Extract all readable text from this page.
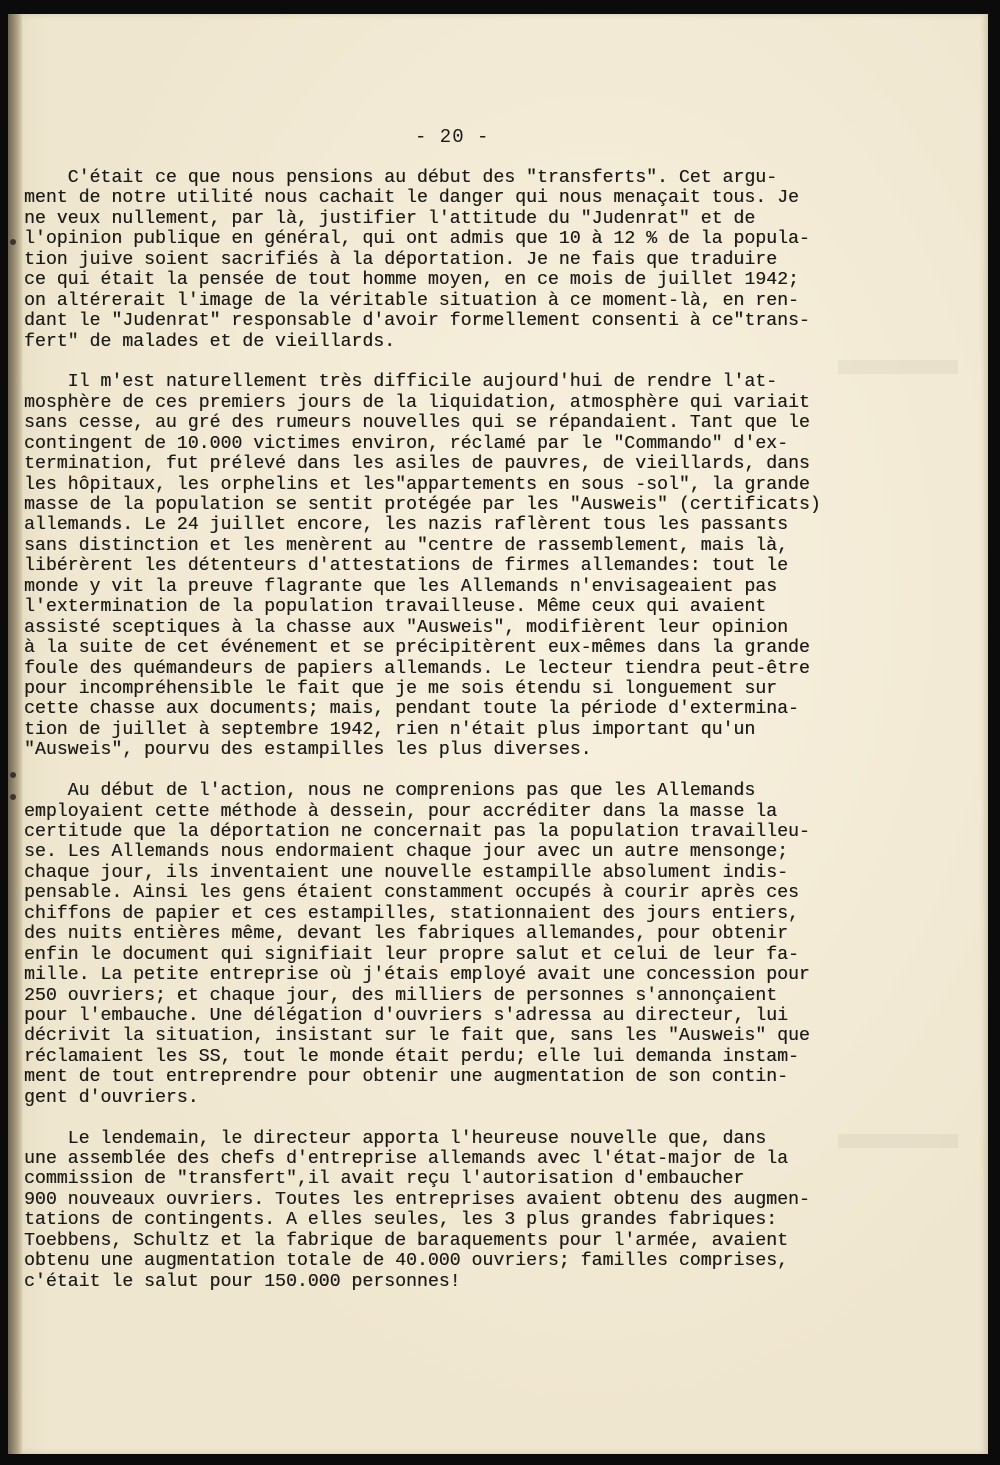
- 20 -
C'était ce que nous pensions au début des "transferts". Cet argu-
ment de notre utilité nous cachait le danger qui nous menaçait tous. Je
ne veux nullement, par là, justifier l'attitude du "Judenrat" et de
l'opinion publique en général, qui ont admis que 10 à 12 % de la popula-
tion juive soient sacrifiés à la déportation. Je ne fais que traduire
ce qui était la pensée de tout homme moyen, en ce mois de juillet 1942;
on altérerait l'image de la véritable situation à ce moment-là, en ren-
dant le "Judenrat" responsable d'avoir formellement consenti à ce"trans-
fert" de malades et de vieillards.
Il m'est naturellement très difficile aujourd'hui de rendre l'at-
mosphère de ces premiers jours de la liquidation, atmosphère qui variait
sans cesse, au gré des rumeurs nouvelles qui se répandaient. Tant que le
contingent de 10.000 victimes environ, réclamé par le "Commando" d'ex-
termination, fut prélevé dans les asiles de pauvres, de vieillards, dans
les hôpitaux, les orphelins et les"appartements en sous -sol", la grande
masse de la population se sentit protégée par les "Ausweis" (certificats)
allemands. Le 24 juillet encore, les nazis raflèrent tous les passants
sans distinction et les menèrent au "centre de rassemblement, mais là,
libérèrent les détenteurs d'attestations de firmes allemandes: tout le
monde y vit la preuve flagrante que les Allemands n'envisageaient pas
l'extermination de la population travailleuse. Même ceux qui avaient
assisté sceptiques à la chasse aux "Ausweis", modifièrent leur opinion
à la suite de cet événement et se précipitèrent eux-mêmes dans la grande
foule des quémandeurs de papiers allemands. Le lecteur tiendra peut-être
pour incompréhensible le fait que je me sois étendu si longuement sur
cette chasse aux documents; mais, pendant toute la période d'extermina-
tion de juillet à septembre 1942, rien n'était plus important qu'un
"Ausweis", pourvu des estampilles les plus diverses.
Au début de l'action, nous ne comprenions pas que les Allemands
employaient cette méthode à dessein, pour accréditer dans la masse la
certitude que la déportation ne concernait pas la population travailleu-
se. Les Allemands nous endormaient chaque jour avec un autre mensonge;
chaque jour, ils inventaient une nouvelle estampille absolument indis-
pensable. Ainsi les gens étaient constamment occupés à courir après ces
chiffons de papier et ces estampilles, stationnaient des jours entiers,
des nuits entières même, devant les fabriques allemandes, pour obtenir
enfin le document qui signifiait leur propre salut et celui de leur fa-
mille. La petite entreprise où j'étais employé avait une concession pour
250 ouvriers; et chaque jour, des milliers de personnes s'annonçaient
pour l'embauche. Une délégation d'ouvriers s'adressa au directeur, lui
décrivit la situation, insistant sur le fait que, sans les "Ausweis" que
réclamaient les SS, tout le monde était perdu; elle lui demanda instam-
ment de tout entreprendre pour obtenir une augmentation de son contin-
gent d'ouvriers.
Le lendemain, le directeur apporta l'heureuse nouvelle que, dans
une assemblée des chefs d'entreprise allemands avec l'état-major de la
commission de "transfert",il avait reçu l'autorisation d'embaucher
900 nouveaux ouvriers. Toutes les entreprises avaient obtenu des augmen-
tations de contingents. A elles seules, les 3 plus grandes fabriques:
Toebbens, Schultz et la fabrique de baraquements pour l'armée, avaient
obtenu une augmentation totale de 40.000 ouvriers; familles comprises,
c'était le salut pour 150.000 personnes!
